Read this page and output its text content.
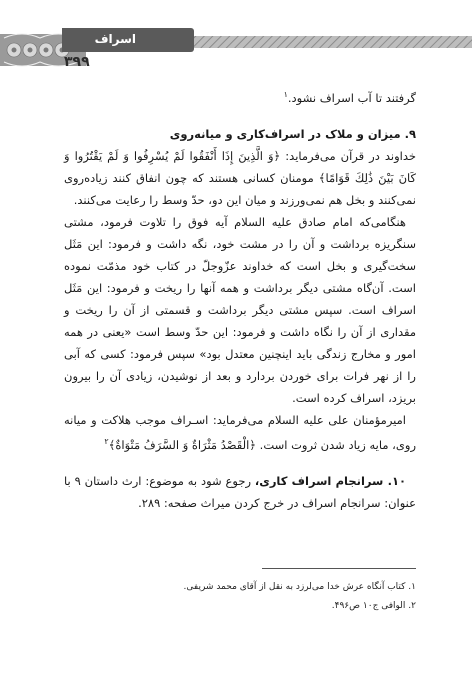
اسراف
۳۹۹

گرفتند تا آب اسراف نشود.$^۱$

۹. میزان و ملاک در اسراف‌کاری و میانه‌روی

خداوند در قرآن می‌فرماید: ﴿وَ الَّذِينَ إِذَا أَنْفَقُوا لَمْ يُسْرِفُوا وَ لَمْ يَقْتُرُوا وَ كَانَ بَيْنَ ذَٰلِكَ قَوَامًا﴾ مومنان کسانی هستند که چون انفاق کنند زیاده‌روی نمی‌کنند و بخل هم نمی‌ورزند و میان این دو، حدّ وسط را رعایت می‌کنند.

هنگامی‌که امام صادق علیه السلام آیه فوق را تلاوت فرمود، مشتی سنگریزه برداشت و آن را در مشت خود، نگه داشت و فرمود: این مَثَل سخت‌گیری و بخل است که خداوند عزّوجلّ در کتاب خود مذمّت نموده است. آن‌گاه مشتی دیگر برداشت و همه آنها را ریخت و فرمود: این مَثَل اسراف است. سپس مشتی دیگر برداشت و قسمتی از آن را ریخت و مقداری از آن را نگاه داشت و فرمود: این حدّ وسط است «یعنی در همه امور و مخارج زندگی باید اینچنین معتدل بود» سپس فرمود: کسی که آبی را از نهر فرات برای خوردن بردارد و بعد از نوشیدن، زیادی آن را بیرون بریزد، اسراف کرده است.

امیرمؤمنان علی علیه السلام می‌فرماید: اسـراف موجب هلاکت و میانه روی، مایه زیاد شدن ثروت است. ﴿الْقَصْدُ مَثْرَاةٌ وَ السَّرَفُ مَتْوَاةٌ﴾$^۲$

۱۰. سرانجام اسراف کاری، رجوع شود به موضوع: ارث داستان ۹ با عنوان: سرانجام اسراف در خرج کردن میراث صفحه: ۲۸۹.

۱. کتاب آنگاه عرش خدا می‌لرزد به نقل از آقای محمد شریفی.

۲. الوافی ج۱۰ ص۴۹۶.
